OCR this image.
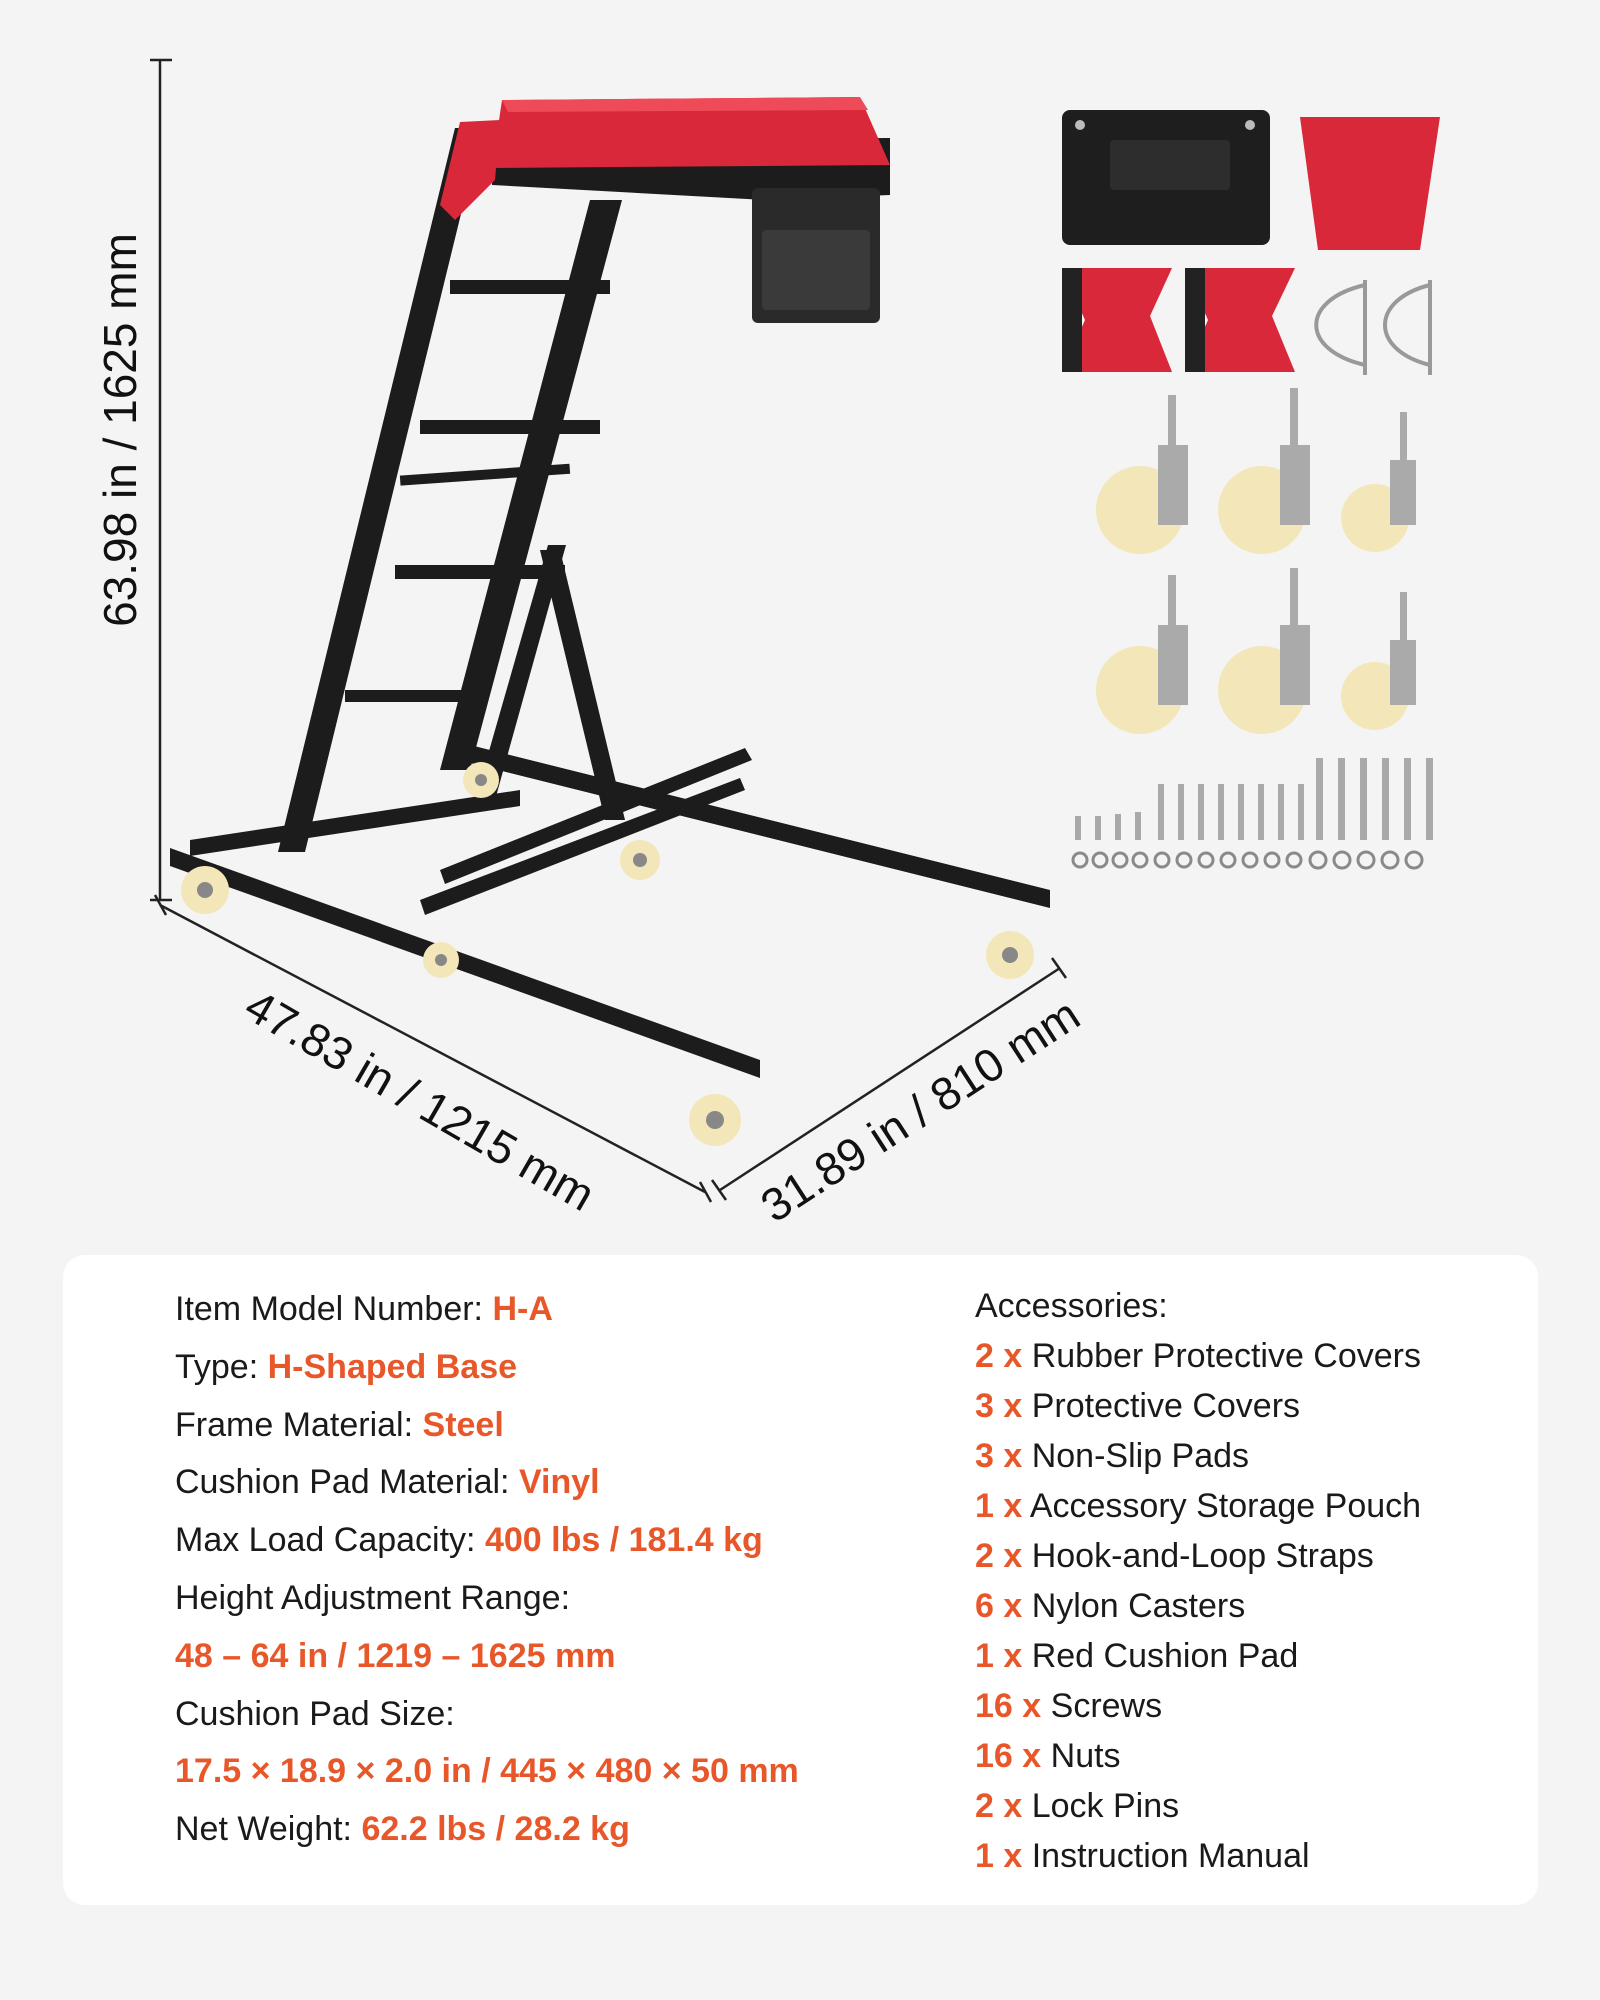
63.98 in / 1625 mm
47.83 in / 1215 mm	31.89 in / 810 mm
Item Model Number: H-A
Type: H-Shaped Base
Frame Material: Steel
Cushion Pad Material: Vinyl
Max Load Capacity: 400 lbs / 181.4 kg
Height Adjustment Range:
48 – 64 in / 1219 – 1625 mm
Cushion Pad Size:
17.5 × 18.9 × 2.0 in / 445 × 480 × 50 mm
Net Weight: 62.2 lbs / 28.2 kg
Accessories:
2 x Rubber Protective Covers
3 x Protective Covers
3 x Non-Slip Pads
1 x Accessory Storage Pouch
2 x Hook-and-Loop Straps
6 x Nylon Casters
1 x Red Cushion Pad
16 x Screws
16 x Nuts
2 x Lock Pins
1 x Instruction Manual
